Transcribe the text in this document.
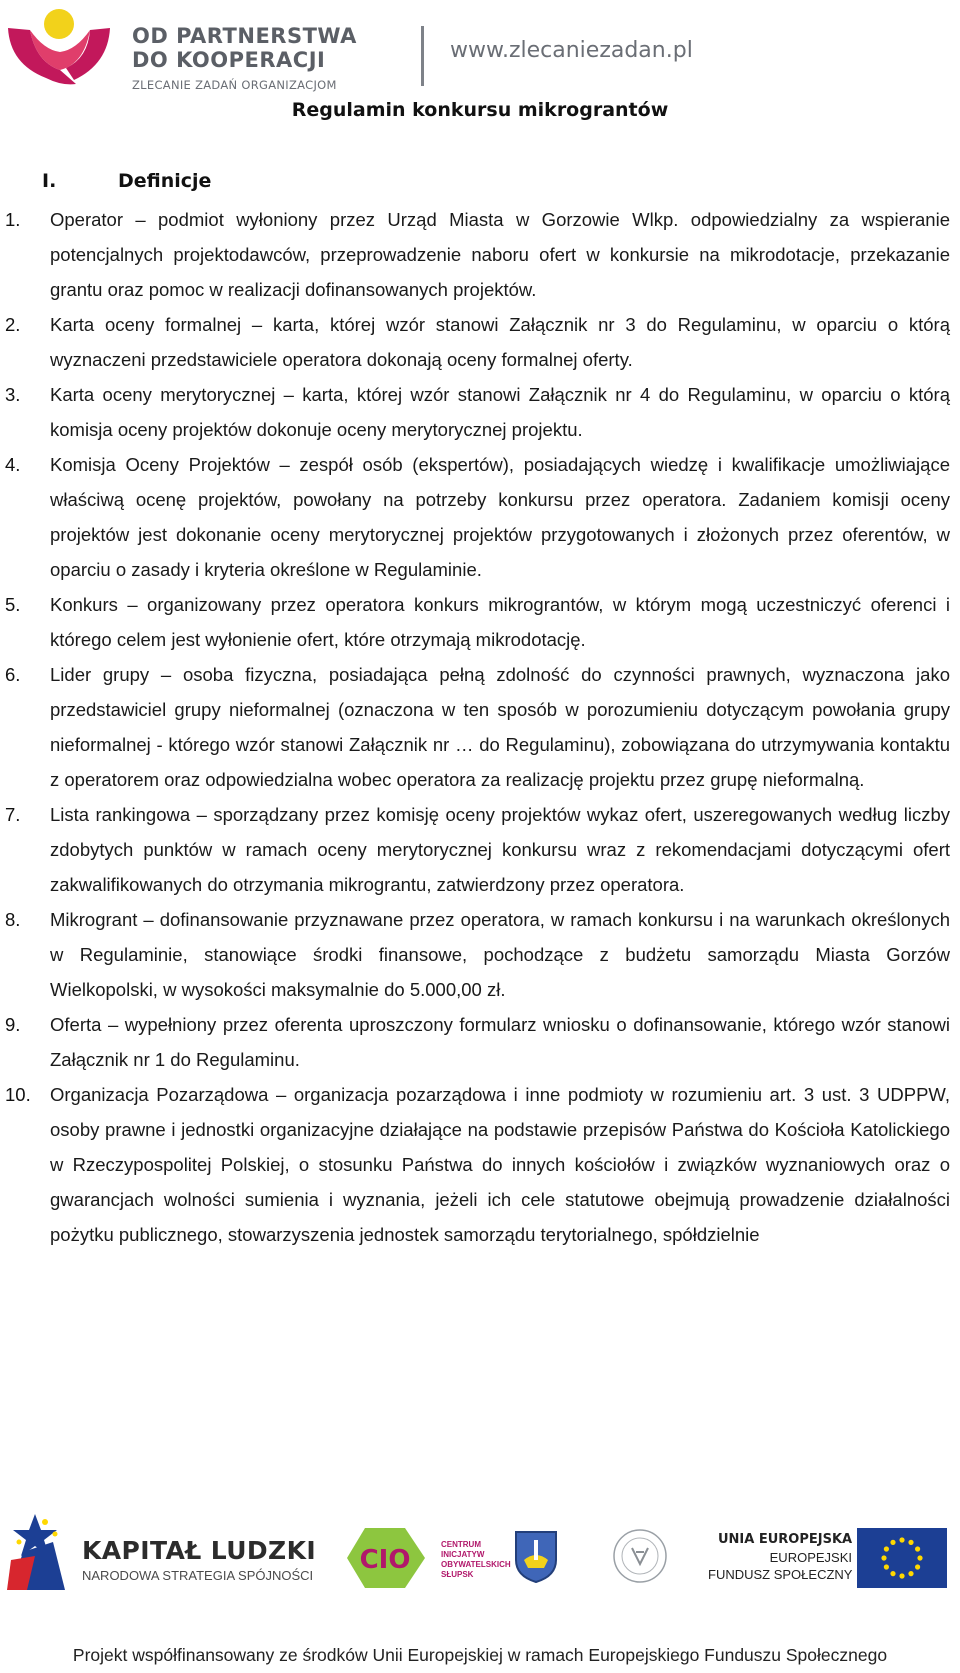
OD PARTNERSTWA
DO KOOPERACJI
ZLECANIE ZADAŃ ORGANIZACJOM
www.zlecaniezadan.pl
Regulamin konkursu mikrograntów
I.	Definicje
1.	Operator – podmiot wyłoniony przez Urząd Miasta w Gorzowie Wlkp. odpowiedzialny za wspieranie potencjalnych projektodawców, przeprowadzenie naboru ofert w konkursie na mikrodotacje, przekazanie grantu oraz pomoc w realizacji dofinansowanych projektów.
2.	Karta oceny formalnej – karta, której wzór stanowi Załącznik nr 3 do Regulaminu, w oparciu o którą wyznaczeni przedstawiciele operatora dokonają oceny formalnej oferty.
3.	Karta oceny merytorycznej – karta, której wzór stanowi Załącznik nr 4 do Regulaminu, w oparciu o którą komisja oceny projektów dokonuje oceny merytorycznej projektu.
4.	Komisja Oceny Projektów – zespół osób (ekspertów), posiadających wiedzę i kwalifikacje umożliwiające właściwą ocenę projektów, powołany na potrzeby konkursu przez operatora. Zadaniem komisji oceny projektów jest dokonanie oceny merytorycznej projektów przygotowanych i złożonych przez oferentów, w oparciu o zasady i kryteria określone w Regulaminie.
5.	Konkurs – organizowany przez operatora konkurs mikrograntów, w którym mogą uczestniczyć oferenci i którego celem jest wyłonienie ofert, które otrzymają mikrodotację.
6.	Lider grupy – osoba fizyczna, posiadająca pełną zdolność do czynności prawnych, wyznaczona jako przedstawiciel grupy nieformalnej (oznaczona w ten sposób w porozumieniu dotyczącym powołania grupy nieformalnej - którego wzór stanowi Załącznik nr … do Regulaminu), zobowiązana do utrzymywania kontaktu z operatorem oraz odpowiedzialna wobec operatora za realizację projektu przez grupę nieformalną.
7.	Lista rankingowa – sporządzany przez komisję oceny projektów wykaz ofert, uszeregowanych według liczby zdobytych punktów w ramach oceny merytorycznej konkursu wraz z rekomendacjami dotyczącymi ofert zakwalifikowanych do otrzymania mikrograntu, zatwierdzony przez operatora.
8.	Mikrogrant – dofinansowanie przyznawane przez operatora, w ramach konkursu i na warunkach określonych w Regulaminie, stanowiące środki finansowe, pochodzące z budżetu samorządu Miasta Gorzów Wielkopolski, w wysokości maksymalnie do 5.000,00 zł.
9.	Oferta – wypełniony przez oferenta uproszczony formularz wniosku o dofinansowanie, którego wzór stanowi Załącznik nr 1 do Regulaminu.
10.	Organizacja Pozarządowa – organizacja pozarządowa i inne podmioty w rozumieniu art. 3 ust. 3 UDPPW, osoby prawne i jednostki organizacyjne działające na podstawie przepisów Państwa do Kościoła Katolickiego w Rzeczypospolitej Polskiej, o stosunku Państwa do innych kościołów i związków wyznaniowych oraz o gwarancjach wolności sumienia i wyznania, jeżeli ich cele statutowe obejmują prowadzenie działalności pożytku publicznego, stowarzyszenia jednostek samorządu terytorialnego, spółdzielnie
KAPITAŁ LUDZKI
NARODOWA STRATEGIA SPÓJNOŚCI
CIO
CENTRUM INICJATYW OBYWATELSKICH SŁUPSK
UNIA EUROPEJSKA
EUROPEJSKI
FUNDUSZ SPOŁECZNY
Projekt współfinansowany ze środków Unii Europejskiej w ramach Europejskiego Funduszu Społecznego
